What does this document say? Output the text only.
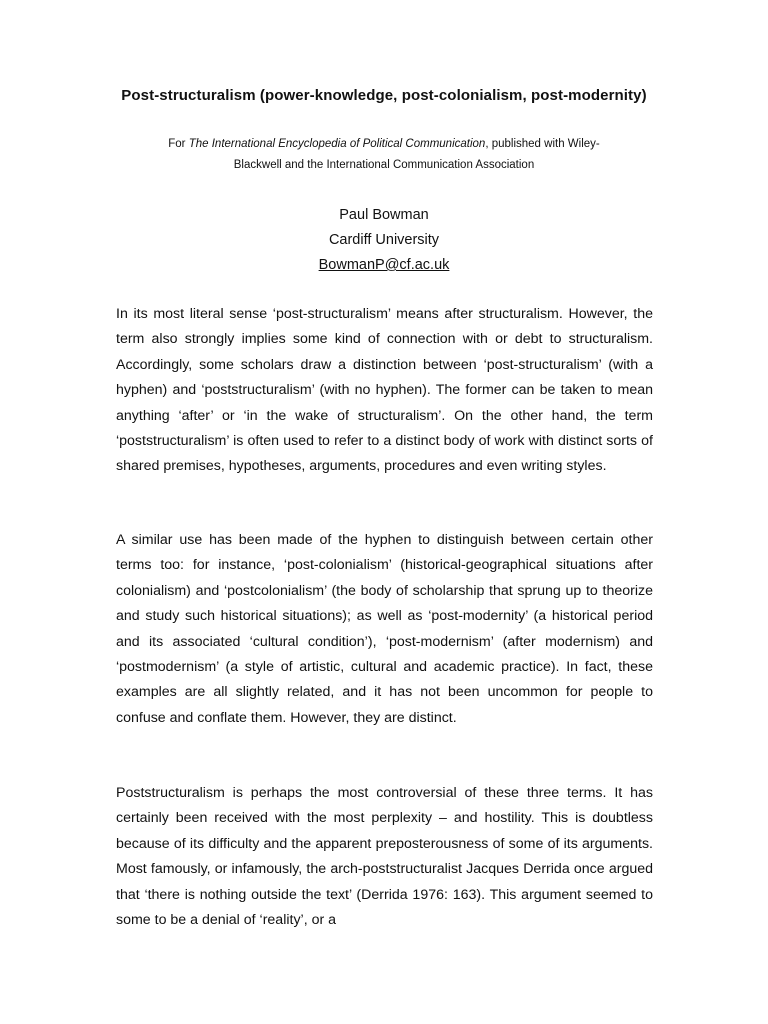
Post-structuralism (power-knowledge, post-colonialism, post-modernity)
For The International Encyclopedia of Political Communication, published with Wiley-
Blackwell and the International Communication Association
Paul Bowman
Cardiff University
BowmanP@cf.ac.uk

In its most literal sense ‘post-structuralism’ means after structuralism. However, the term also strongly implies some kind of connection with or debt to structuralism. Accordingly, some scholars draw a distinction between ‘post-structuralism’ (with a hyphen) and ‘poststructuralism’ (with no hyphen). The former can be taken to mean anything ‘after’ or ‘in the wake of structuralism’. On the other hand, the term ‘poststructuralism’ is often used to refer to a distinct body of work with distinct sorts of shared premises, hypotheses, arguments, procedures and even writing styles.

A similar use has been made of the hyphen to distinguish between certain other terms too: for instance, ‘post-colonialism’ (historical-geographical situations after colonialism) and ‘postcolonialism’ (the body of scholarship that sprung up to theorize and study such historical situations); as well as ‘post-modernity’ (a historical period and its associated ‘cultural condition’), ‘post-modernism’ (after modernism) and ‘postmodernism’ (a style of artistic, cultural and academic practice). In fact, these examples are all slightly related, and it has not been uncommon for people to confuse and conflate them. However, they are distinct.

Poststructuralism is perhaps the most controversial of these three terms. It has certainly been received with the most perplexity – and hostility. This is doubtless because of its difficulty and the apparent preposterousness of some of its arguments. Most famously, or infamously, the arch-poststructuralist Jacques Derrida once argued that ‘there is nothing outside the text’ (Derrida 1976: 163). This argument seemed to some to be a denial of ‘reality’, or a
